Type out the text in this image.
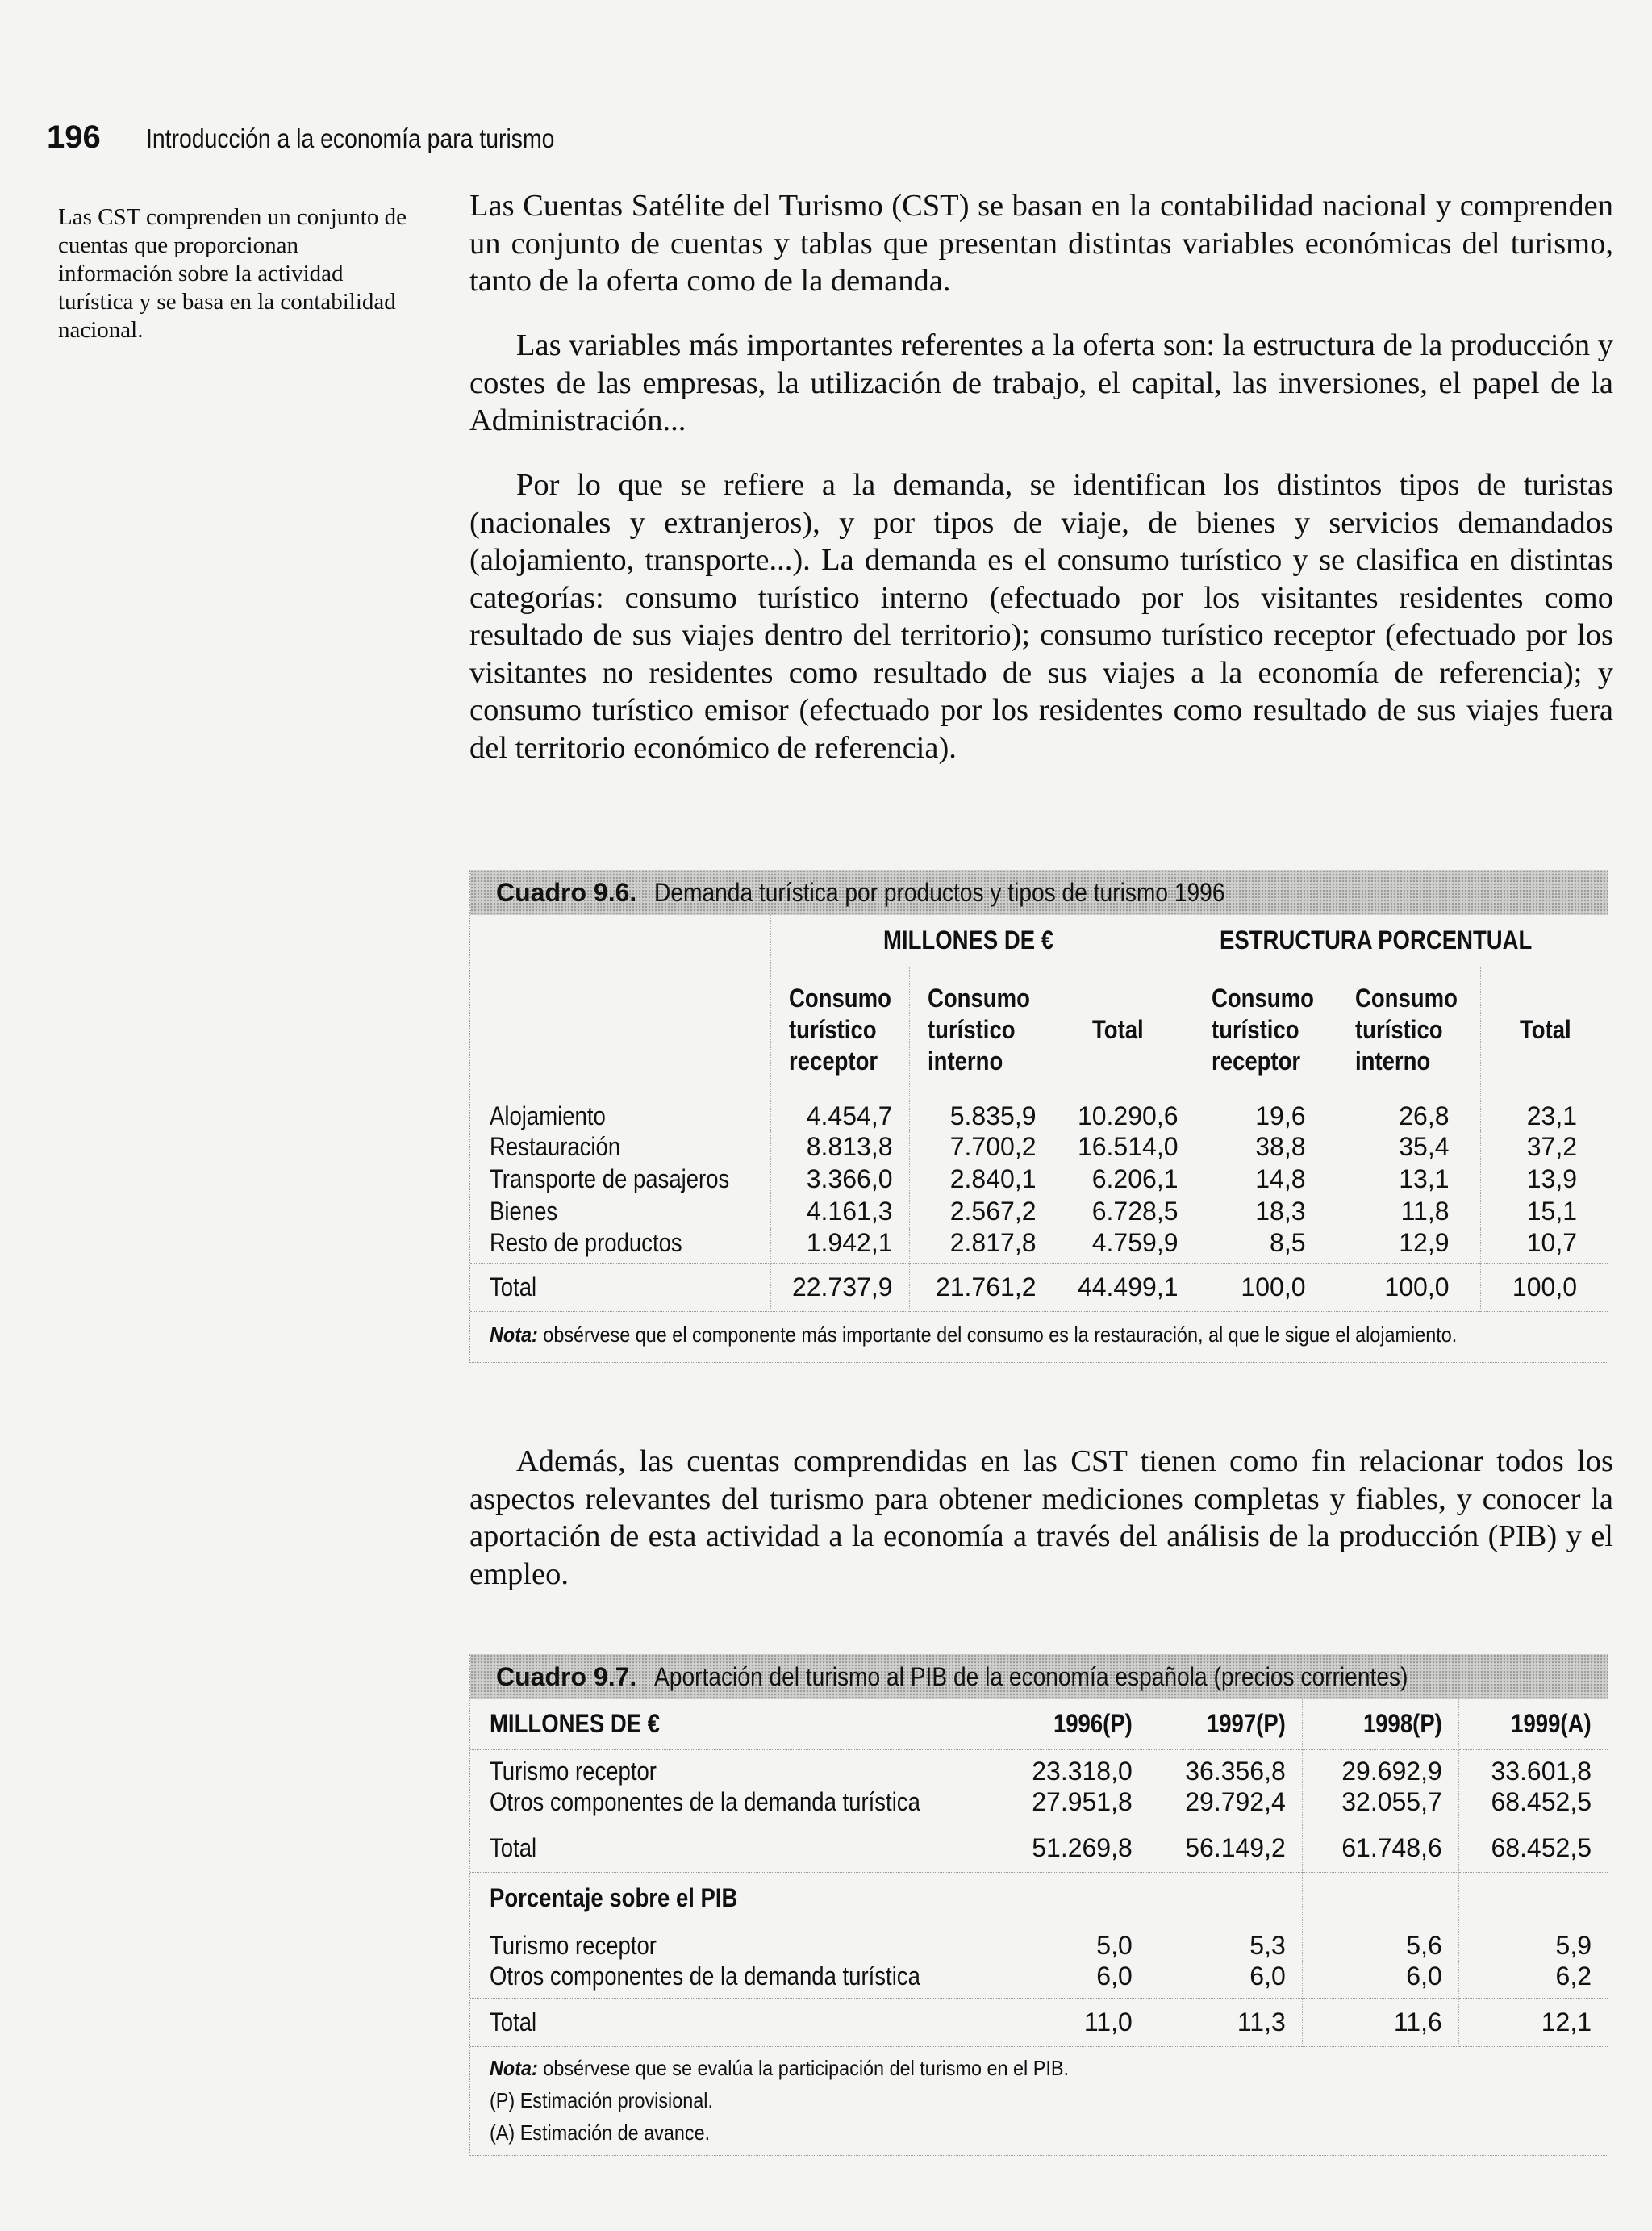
196 Introducción a la economía para turismo
Las CST comprenden un conjunto de cuentas que proporcionan información sobre la actividad turística y se basa en la contabilidad nacional.

Las Cuentas Satélite del Turismo (CST) se basan en la contabilidad nacional y comprenden un conjunto de cuentas y tablas que presentan distintas variables económicas del turismo, tanto de la oferta como de la demanda.

Las variables más importantes referentes a la oferta son: la estructura de la producción y costes de las empresas, la utilización de trabajo, el capital, las inversiones, el papel de la Administración...

Por lo que se refiere a la demanda, se identifican los distintos tipos de turistas (nacionales y extranjeros), y por tipos de viaje, de bienes y servicios demandados (alojamiento, transporte...). La demanda es el consumo turístico y se clasifica en distintas categorías: consumo turístico interno (efectuado por los visitantes residentes como resultado de sus viajes dentro del territorio); consumo turístico receptor (efectuado por los visitantes no residentes como resultado de sus viajes a la economía de referencia); y consumo turístico emisor (efectuado por los residentes como resultado de sus viajes fuera del territorio económico de referencia).

Cuadro 9.6. Demanda turística por productos y tipos de turismo 1996
	MILLONES DE €			ESTRUCTURA PORCENTUAL		
	Consumo
turístico
receptor	Consumo
turístico
interno	Total	Consumo
turístico
receptor	Consumo
turístico
interno	Total
Alojamiento	4.454,7	5.835,9	10.290,6	19,6	26,8	23,1
Restauración	8.813,8	7.700,2	16.514,0	38,8	35,4	37,2
Transporte de pasajeros	3.366,0	2.840,1	6.206,1	14,8	13,1	13,9
Bienes	4.161,3	2.567,2	6.728,5	18,3	11,8	15,1
Resto de productos	1.942,1	2.817,8	4.759,9	8,5	12,9	10,7
Total	22.737,9	21.761,2	44.499,1	100,0	100,0	100,0
Nota: obsérvese que el componente más importante del consumo es la restauración, al que le sigue el alojamiento.						

Además, las cuentas comprendidas en las CST tienen como fin relacionar todos los aspectos relevantes del turismo para obtener mediciones completas y fiables, y conocer la aportación de esta actividad a la economía a través del análisis de la producción (PIB) y el empleo.

Cuadro 9.7. Aportación del turismo al PIB de la economía española (precios corrientes)
MILLONES DE €	1996(P)	1997(P)	1998(P)	1999(A)
Turismo receptor	23.318,0	36.356,8	29.692,9	33.601,8
Otros componentes de la demanda turística	27.951,8	29.792,4	32.055,7	68.452,5
Total	51.269,8	56.149,2	61.748,6	68.452,5
Porcentaje sobre el PIB				
Turismo receptor	5,0	5,3	5,6	5,9
Otros componentes de la demanda turística	6,0	6,0	6,0	6,2
Total	11,0	11,3	11,6	12,1

Nota: obsérvese que se evalúa la participación del turismo en el PIB.
(P) Estimación provisional.
(A) Estimación de avance.				
